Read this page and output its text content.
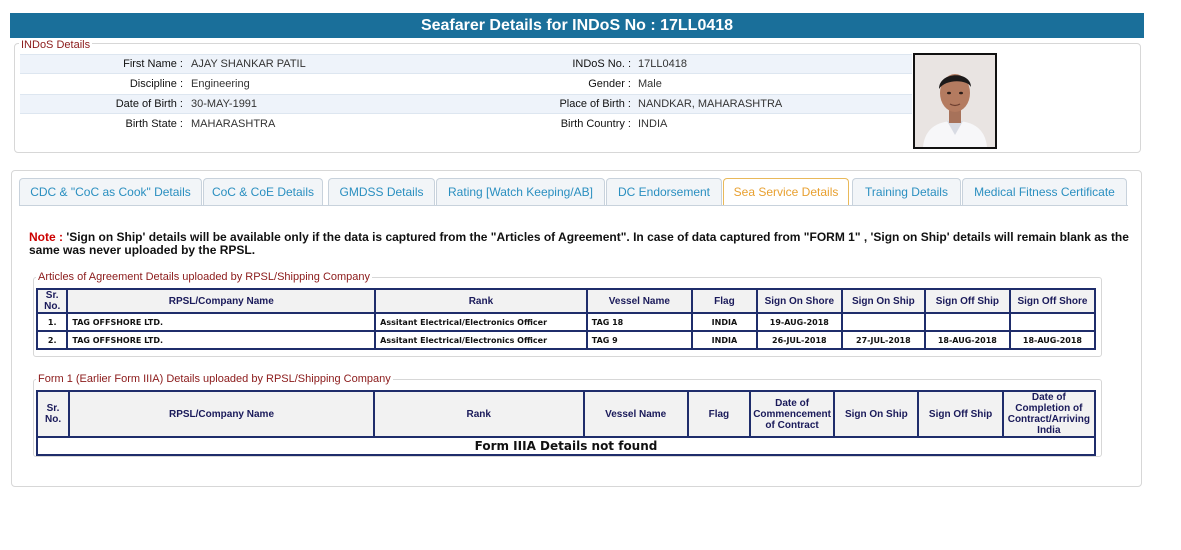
Seafarer Details for INDoS No : 17LL0418
INDoS Details
First Name : AJAY SHANKAR PATIL	INDoS No. : 17LL0418
Discipline : Engineering	Gender : Male
Date of Birth : 30-MAY-1991	Place of Birth : NANDKAR, MAHARASHTRA
Birth State : MAHARASHTRA	Birth Country : INDIA
CDC & "CoC as Cook" Details	CoC & CoE Details	GMDSS Details	Rating [Watch Keeping/AB]	DC Endorsement	Sea Service Details	Training Details	Medical Fitness Certificate
Note : 'Sign on Ship' details will be available only if the data is captured from the "Articles of Agreement". In case of data captured from "FORM 1" , 'Sign on Ship' details will remain blank as the same was never uploaded by the RPSL.
Articles of Agreement Details uploaded by RPSL/Shipping Company
Sr. No.	RPSL/Company Name	Rank	Vessel Name	Flag	Sign On Shore	Sign On Ship	Sign Off Ship	Sign Off Shore
1.	TAG OFFSHORE LTD.	Assitant Electrical/Electronics Officer	TAG 18	INDIA	19-AUG-2018			
2.	TAG OFFSHORE LTD.	Assitant Electrical/Electronics Officer	TAG 9	INDIA	26-JUL-2018	27-JUL-2018	18-AUG-2018	18-AUG-2018
Form 1 (Earlier Form IIIA) Details uploaded by RPSL/Shipping Company
Sr. No.	RPSL/Company Name	Rank	Vessel Name	Flag	Date of Commencement of Contract	Sign On Ship	Sign Off Ship	Date of Completion of Contract/Arriving India
Form IIIA Details not found
